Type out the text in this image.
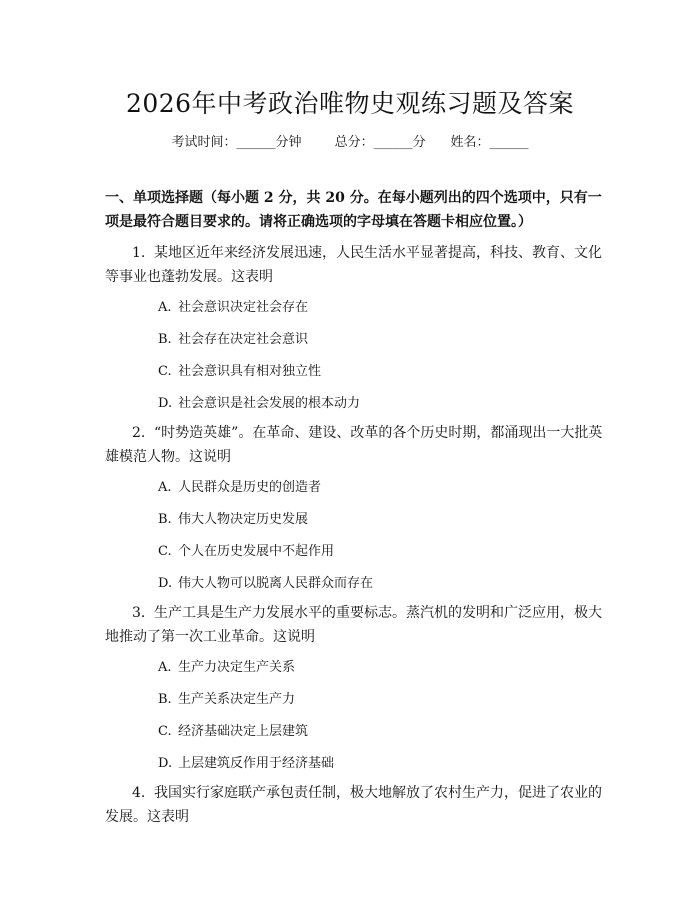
2026年中考政治唯物史观练习题及答案
考试时间：______分钟	总分：______分 姓名：______
一、单项选择题（每小题 2 分，共 20 分。在每小题列出的四个选项中，只有一项是最符合题目要求的。请将正确选项的字母填在答题卡相应位置。）
1. 某地区近年来经济发展迅速，人民生活水平显著提高，科技、教育、文化等事业也蓬勃发展。这表明
A. 社会意识决定社会存在
B. 社会存在决定社会意识
C. 社会意识具有相对独立性
D. 社会意识是社会发展的根本动力
2. “时势造英雄”。在革命、建设、改革的各个历史时期，都涌现出一大批英雄模范人物。这说明
A. 人民群众是历史的创造者
B. 伟大人物决定历史发展
C. 个人在历史发展中不起作用
D. 伟大人物可以脱离人民群众而存在
3. 生产工具是生产力发展水平的重要标志。蒸汽机的发明和广泛应用，极大地推动了第一次工业革命。这说明
A. 生产力决定生产关系
B. 生产关系决定生产力
C. 经济基础决定上层建筑
D. 上层建筑反作用于经济基础
4. 我国实行家庭联产承包责任制，极大地解放了农村生产力，促进了农业的发展。这表明
